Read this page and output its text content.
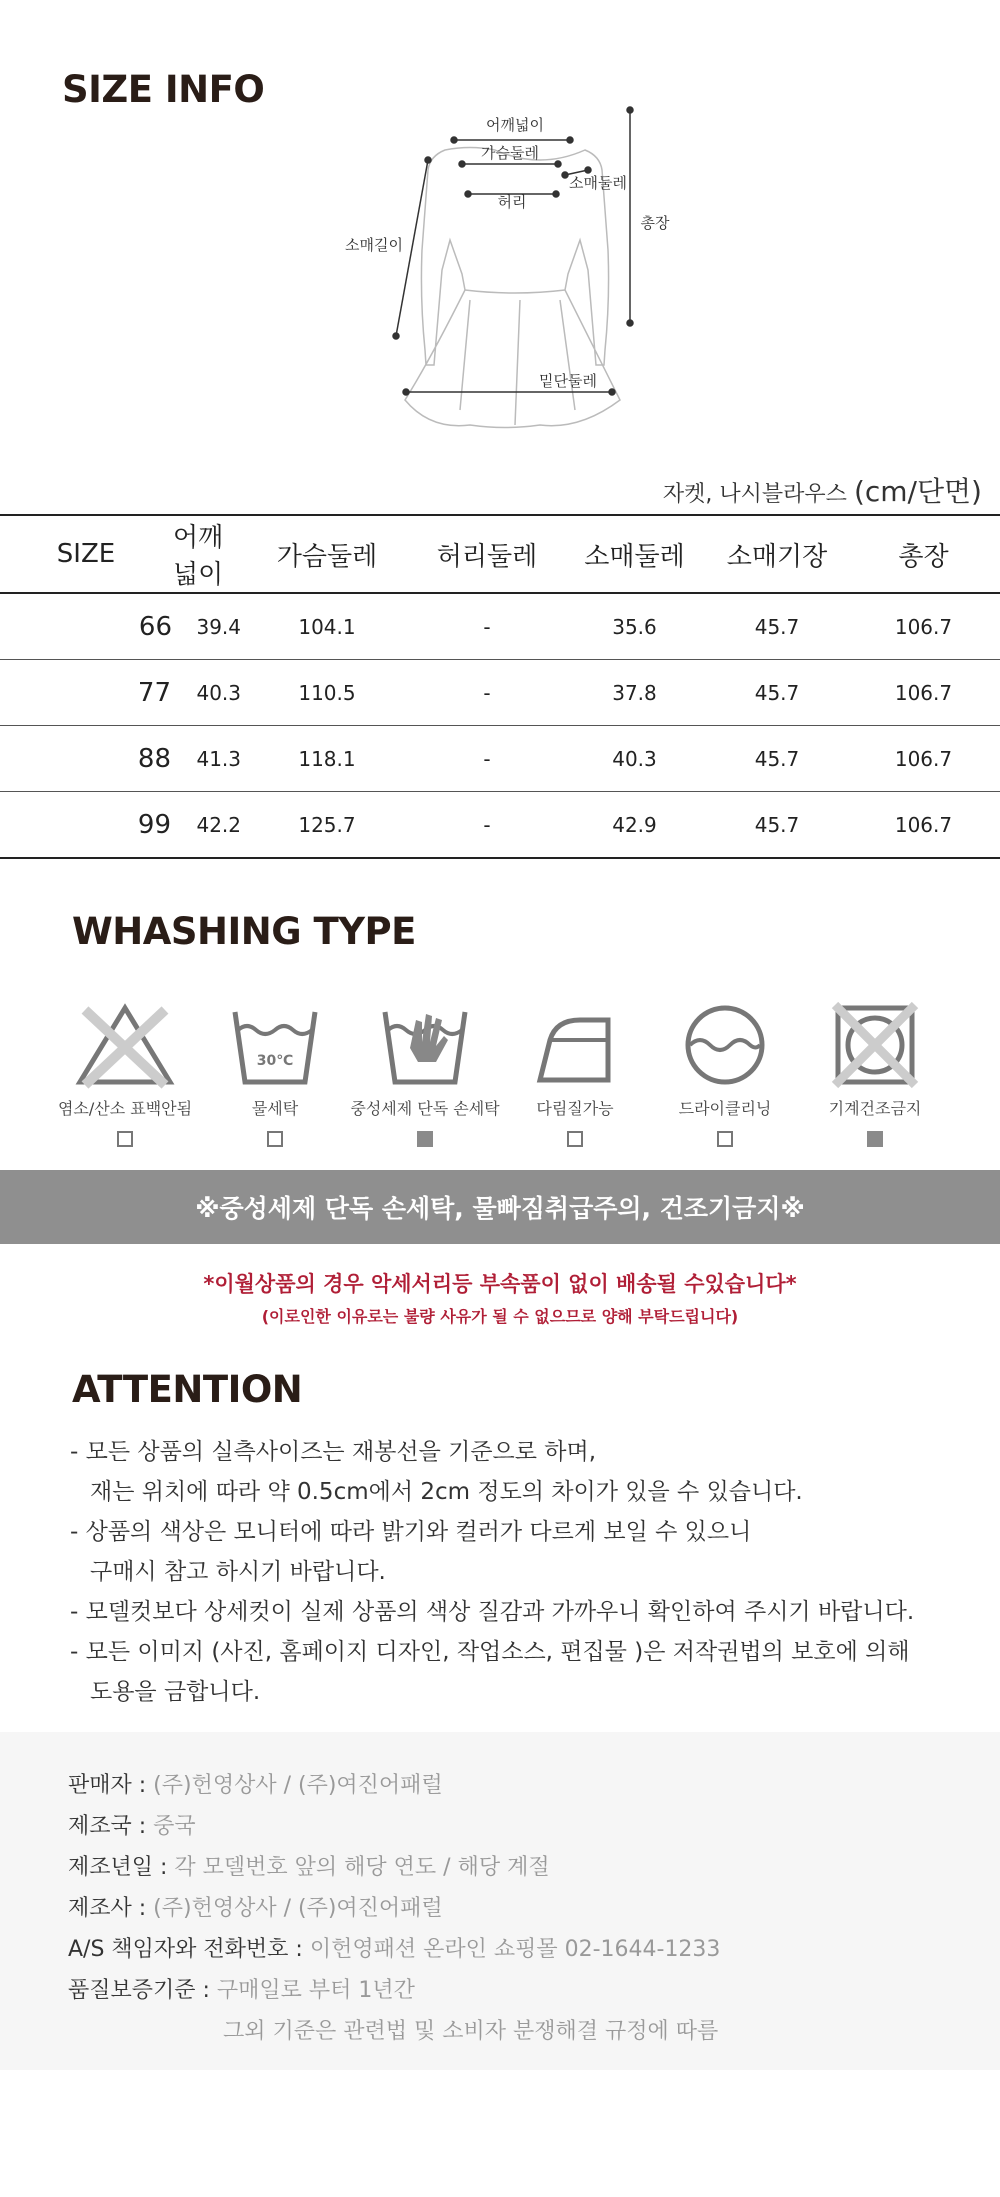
SIZE INFO
어깨넓이
소매길이
가슴둘레
허리
소매둘레
총장
밑단둘레
자켓, 나시블라우스 (cm/단면)
SIZE	어깨넓이	가슴둘레	허리둘레	소매둘레	소매기장	총장
66	39.4	104.1	-	35.6	45.7	106.7
77	40.3	110.5	-	37.8	45.7	106.7
88	41.3	118.1	-	40.3	45.7	106.7
99	42.2	125.7	-	42.9	45.7	106.7
WHASHING TYPE
염소/산소 표백안됨
30℃
물세탁	중성세제 단독 손세탁 다림질가능	드라이클리닝	기계건조금지
※중성세제 단독 손세탁, 물빠짐취급주의, 건조기금지※
*이월상품의 경우 악세서리등 부속품이 없이 배송될 수있습니다*
(이로인한 이유로는 불량 사유가 될 수 없으므로 양해 부탁드립니다)
ATTENTION

- 모든 상품의 실측사이즈는 재봉선을 기준으로 하며,

재는 위치에 따라 약 0.5cm에서 2cm 정도의 차이가 있을 수 있습니다.

- 상품의 색상은 모니터에 따라 밝기와 컬러가 다르게 보일 수 있으니

구매시 참고 하시기 바랍니다.

- 모델컷보다 상세컷이 실제 상품의 색상 질감과 가까우니 확인하여 주시기 바랍니다.

- 모든 이미지 (사진, 홈페이지 디자인, 작업소스, 편집물 )은 저작권법의 보호에 의해

도용을 금합니다.

판매자 : (주)헌영상사 / (주)여진어패럴
제조국 : 중국
제조년일 : 각 모델번호 앞의 해당 연도 / 해당 계절
제조사 : (주)헌영상사 / (주)여진어패럴
A/S 책임자와 전화번호 : 이헌영패션 온라인 쇼핑몰 02-1644-1233
품질보증기준 : 구매일로 부터 1년간
그외 기준은 관련법 및 소비자 분쟁해결 규정에 따름
